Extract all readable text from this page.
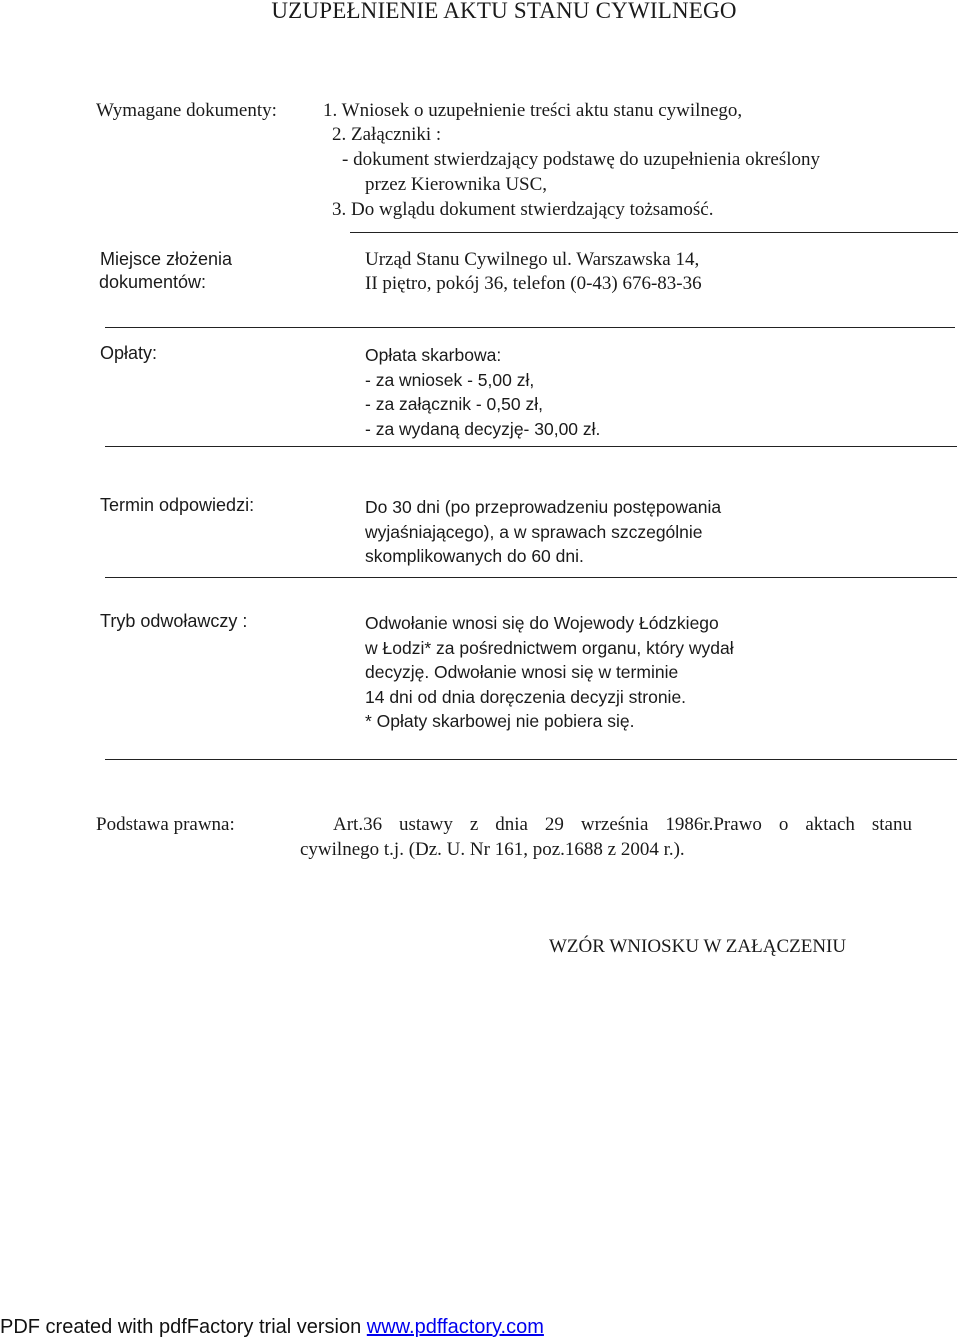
UZUPEŁNIENIE AKTU STANU CYWILNEGO
Wymagane dokumenty: 1. Wniosek o uzupełnienie treści aktu stanu cywilnego,
2. Załączniki :
- dokument stwierdzający podstawę do uzupełnienia określony
przez Kierownika USC,
3. Do wglądu dokument stwierdzający tożsamość.
Miejsce złożenia
dokumentów:
Urząd Stanu Cywilnego ul. Warszawska 14,
II piętro, pokój 36, telefon (0-43) 676-83-36
Opłaty:	Opłata skarbowa:
- za wniosek - 5,00 zł,
- za załącznik - 0,50 zł,
- za wydaną decyzję- 30,00 zł.
Termin odpowiedzi:	Do 30 dni (po przeprowadzeniu postępowania
wyjaśniającego), a w sprawach szczególnie
skomplikowanych do 60 dni.
Tryb odwoławczy :	Odwołanie wnosi się do Wojewody Łódzkiego
w Łodzi* za pośrednictwem organu, który wydał
decyzję. Odwołanie wnosi się w terminie
14 dni od dnia doręczenia decyzji stronie.
* Opłaty skarbowej nie pobiera się.
Podstawa prawna:	Art.36 ustawy z dnia 29 września 1986r.Prawo o aktach stanu
cywilnego t.j. (Dz. U. Nr 161, poz.1688 z 2004 r.).
WZÓR WNIOSKU W ZAŁĄCZENIU
PDF created with pdfFactory trial version www.pdffactory.com
